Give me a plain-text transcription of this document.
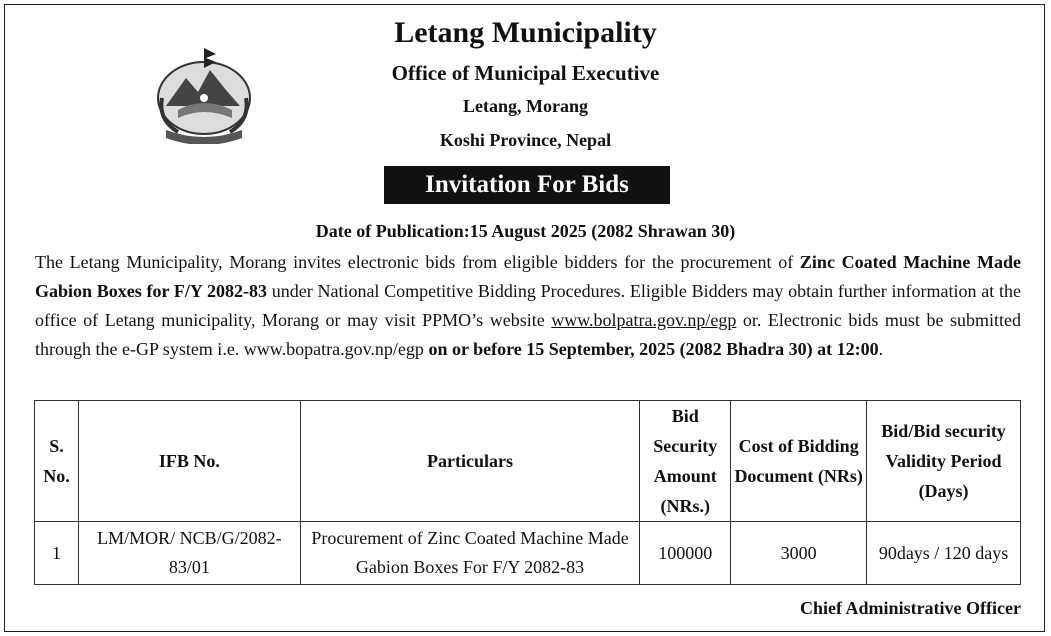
Letang Municipality
Office of Municipal Executive
Letang, Morang
Koshi Province, Nepal
Invitation For Bids
Date of Publication:15 August 2025 (2082 Shrawan 30)
The Letang Municipality, Morang invites electronic bids from eligible bidders for the procurement of Zinc Coated Machine Made Gabion Boxes for F/Y 2082-83 under National Competitive Bidding Procedures. Eligible Bidders may obtain further information at the office of Letang municipality, Morang or may visit PPMO’s website www.bolpatra.gov.np/egp or. Electronic bids must be submitted through the e-GP system i.e. www.bopatra.gov.np/egp on or before 15 September, 2025 (2082 Bhadra 30) at 12:00.
S. No.	IFB No.	Particulars	Bid Security Amount (NRs.)	Cost of Bidding Document (NRs)	Bid/Bid security Validity Period (Days)
1	LM/MOR/ NCB/G/2082-83/01	Procurement of Zinc Coated Machine Made Gabion Boxes For F/Y 2082-83	100000	3000	90days / 120 days
Chief Administrative Officer
